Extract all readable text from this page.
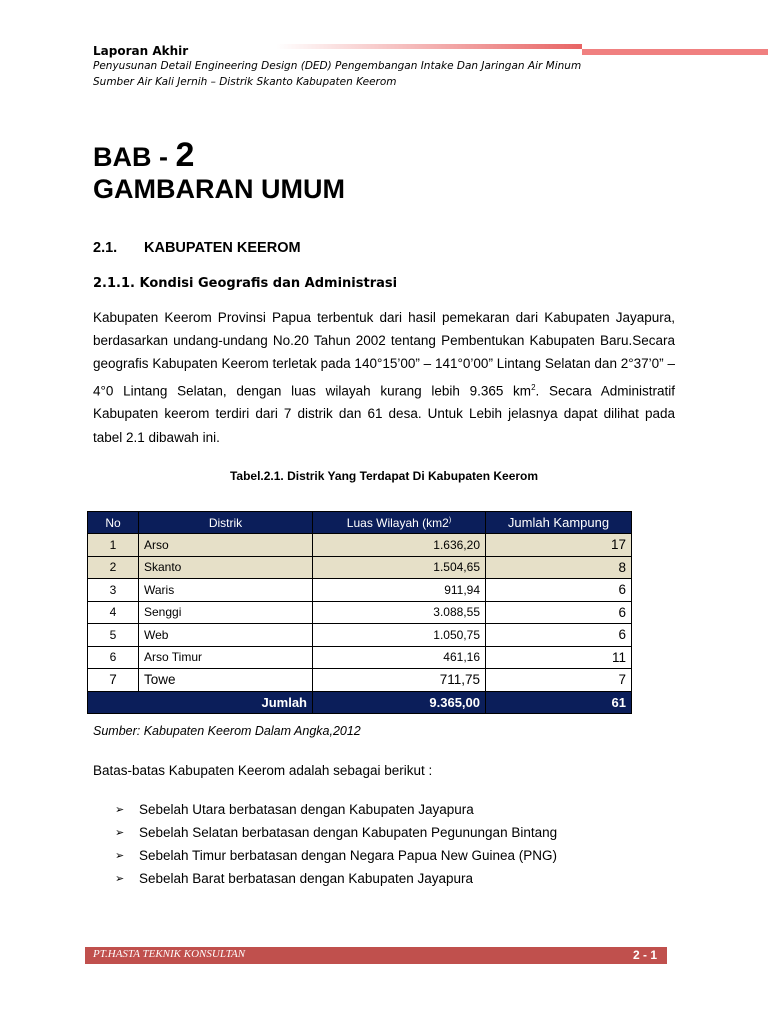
Laporan Akhir
Penyusunan Detail Engineering Design (DED) Pengembangan Intake Dan Jaringan Air Minum
Sumber Air Kali Jernih – Distrik Skanto Kabupaten Keerom
BAB - 2
GAMBARAN UMUM
2.1. KABUPATEN KEEROM
2.1.1. Kondisi Geografis dan Administrasi
Kabupaten Keerom Provinsi Papua terbentuk dari hasil pemekaran dari Kabupaten Jayapura, berdasarkan undang-undang No.20 Tahun 2002 tentang Pembentukan Kabupaten Baru.Secara geografis Kabupaten Keerom terletak pada 140°15’00” – 141°0’00” Lintang Selatan dan 2°37’0” – 4°0 Lintang Selatan, dengan luas wilayah kurang lebih 9.365 $km^2$. Secara Administratif Kabupaten keerom terdiri dari 7 distrik dan 61 desa. Untuk Lebih jelasnya dapat dilihat pada tabel 2.1 dibawah ini.
Tabel.2.1. Distrik Yang Terdapat Di Kabupaten Keerom
No	Distrik	Luas Wilayah (km2)	Jumlah Kampung
1	Arso	1.636,20	17
2	Skanto	1.504,65	8
3	Waris	911,94	6
4	Senggi	3.088,55	6
5	Web	1.050,75	6
6	Arso Timur	461,16	11
7	Towe	711,75	7
Jumlah		9.365,00	61
Sumber: Kabupaten Keerom Dalam Angka,2012
Batas-batas Kabupaten Keerom adalah sebagai berikut :
➢	Sebelah Utara berbatasan dengan Kabupaten Jayapura
➢	Sebelah Selatan berbatasan dengan Kabupaten Pegunungan Bintang
➢	Sebelah Timur berbatasan dengan Negara Papua New Guinea (PNG)
➢	Sebelah Barat berbatasan dengan Kabupaten Jayapura
PT.HASTA TEKNIK KONSULTAN	2 - 1
